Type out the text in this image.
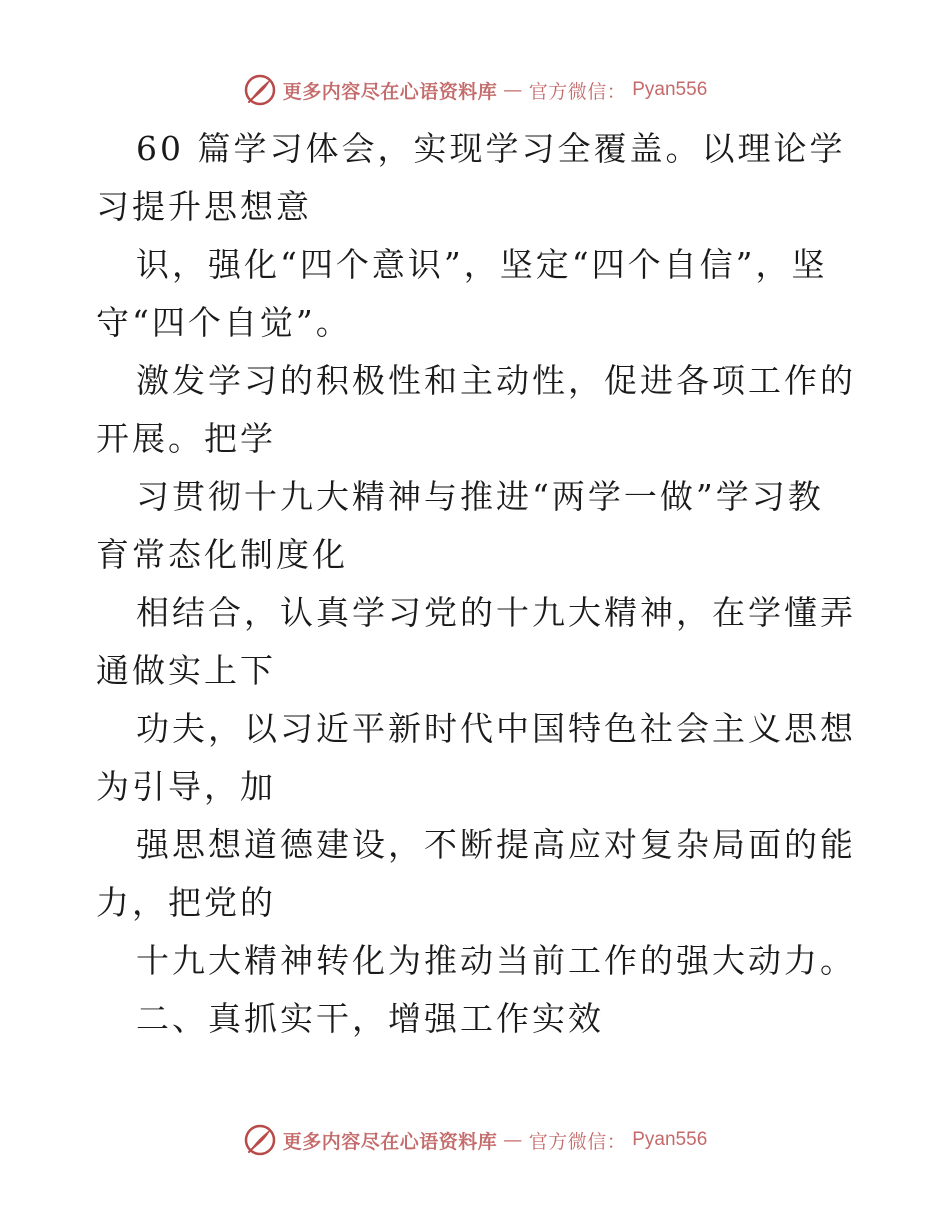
更多内容尽在心语资料库 — 官方微信： Pyan556

60 篇学习体会，实现学习全覆盖。以理论学习提升思想意

识，强化“四个意识”，坚定“四个自信”，坚守“四个自觉”。

激发学习的积极性和主动性，促进各项工作的开展。把学

习贯彻十九大精神与推进“两学一做”学习教育常态化制度化

相结合，认真学习党的十九大精神，在学懂弄通做实上下

功夫，以习近平新时代中国特色社会主义思想为引导，加

强思想道德建设，不断提高应对复杂局面的能力，把党的

十九大精神转化为推动当前工作的强大动力。

二、真抓实干，增强工作实效

更多内容尽在心语资料库 — 官方微信： Pyan556
